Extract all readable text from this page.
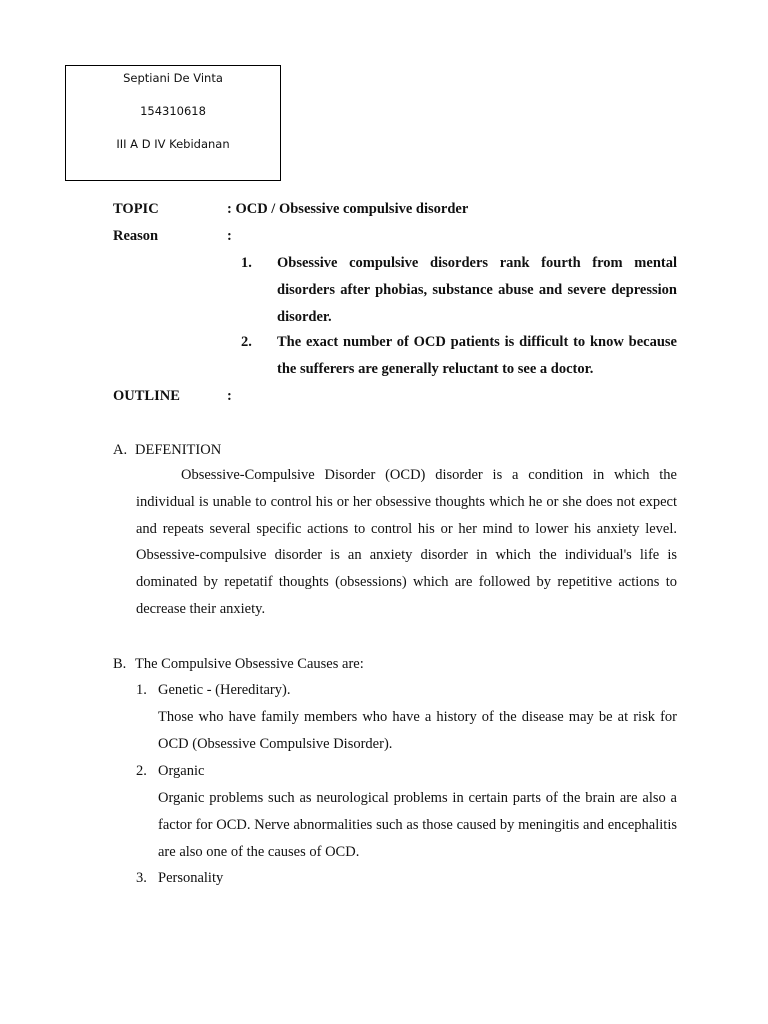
Septiani De Vinta
154310618
III A D IV Kebidanan
TOPIC	: OCD / Obsessive compulsive disorder
Reason	:
1. Obsessive compulsive disorders rank fourth from mental disorders after phobias, substance abuse and severe depression disorder.
2. The exact number of OCD patients is difficult to know because the sufferers are generally reluctant to see a doctor.
OUTLINE	:
A. DEFENITION

Obsessive-Compulsive Disorder (OCD) disorder is a condition in which the individual is unable to control his or her obsessive thoughts which he or she does not expect and repeats several specific actions to control his or her mind to lower his anxiety level. Obsessive-compulsive disorder is an anxiety disorder in which the individual's life is dominated by repetatif thoughts (obsessions) which are followed by repetitive actions to decrease their anxiety.

B. The Compulsive Obsessive Causes are:
1. Genetic - (Hereditary).

Those who have family members who have a history of the disease may be at risk for OCD (Obsessive Compulsive Disorder).

2. Organic

Organic problems such as neurological problems in certain parts of the brain are also a factor for OCD. Nerve abnormalities such as those caused by meningitis and encephalitis are also one of the causes of OCD.

3. Personality
